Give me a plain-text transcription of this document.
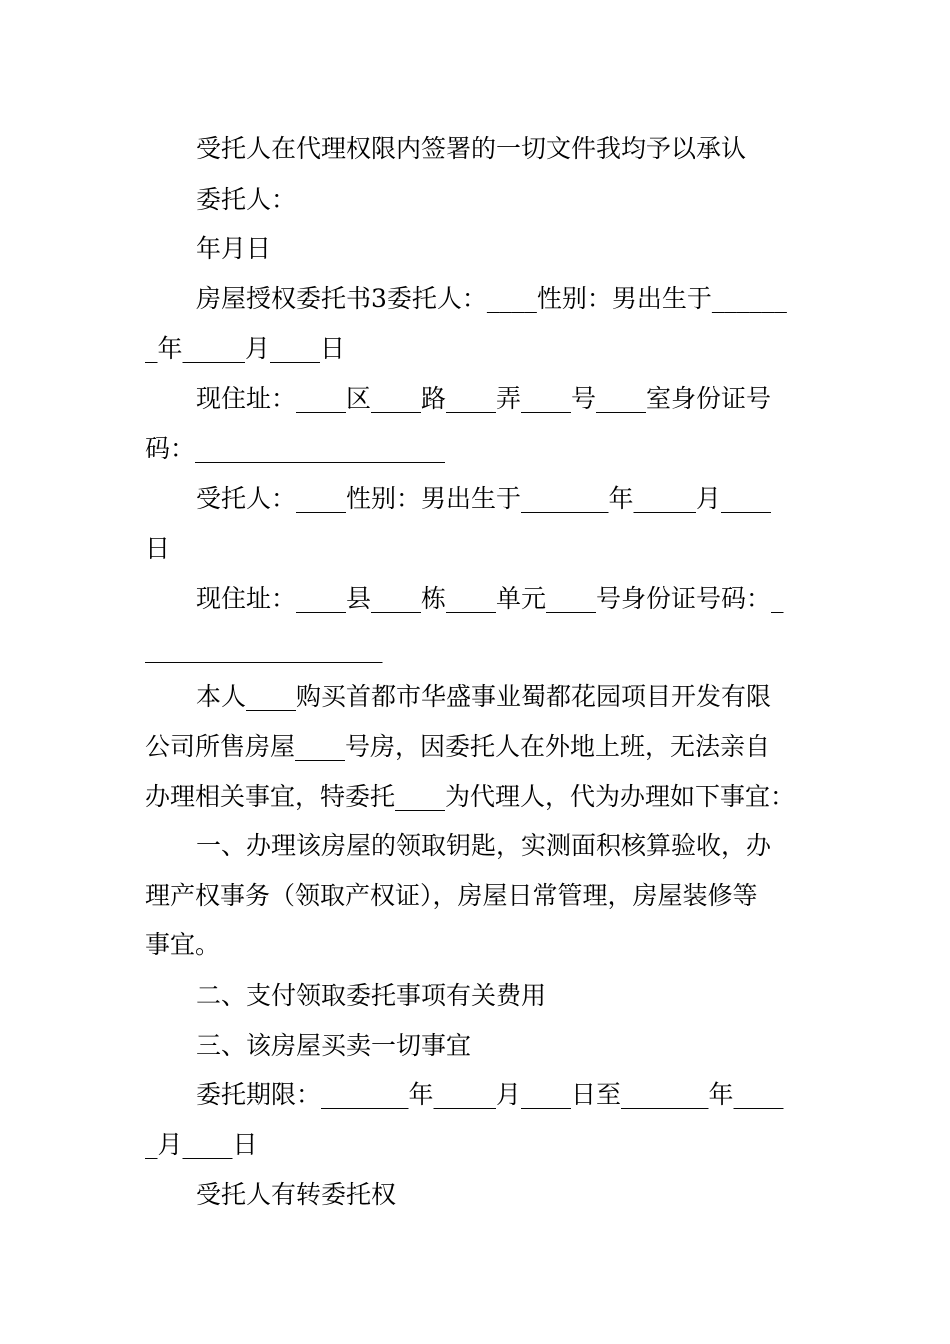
受托人在代理权限内签署的一切文件我均予以承认
委托人：
年月日
房屋授权委托书3委托人：____性别：男出生于______
_年_____月____日
现住址：____区____路____弄____号____室身份证号
码：____________________
受托人：____性别：男出生于_______年_____月____
日
现住址：____县____栋____单元____号身份证号码：_
___________________
本人____购买首都市华盛事业蜀都花园项目开发有限
公司所售房屋____号房，因委托人在外地上班，无法亲自
办理相关事宜，特委托____为代理人，代为办理如下事宜：
一、办理该房屋的领取钥匙，实测面积核算验收，办
理产权事务（领取产权证），房屋日常管理，房屋装修等
事宜。
二、支付领取委托事项有关费用
三、该房屋买卖一切事宜
委托期限：_______年_____月____日至_______年____
_月____日
受托人有转委托权
